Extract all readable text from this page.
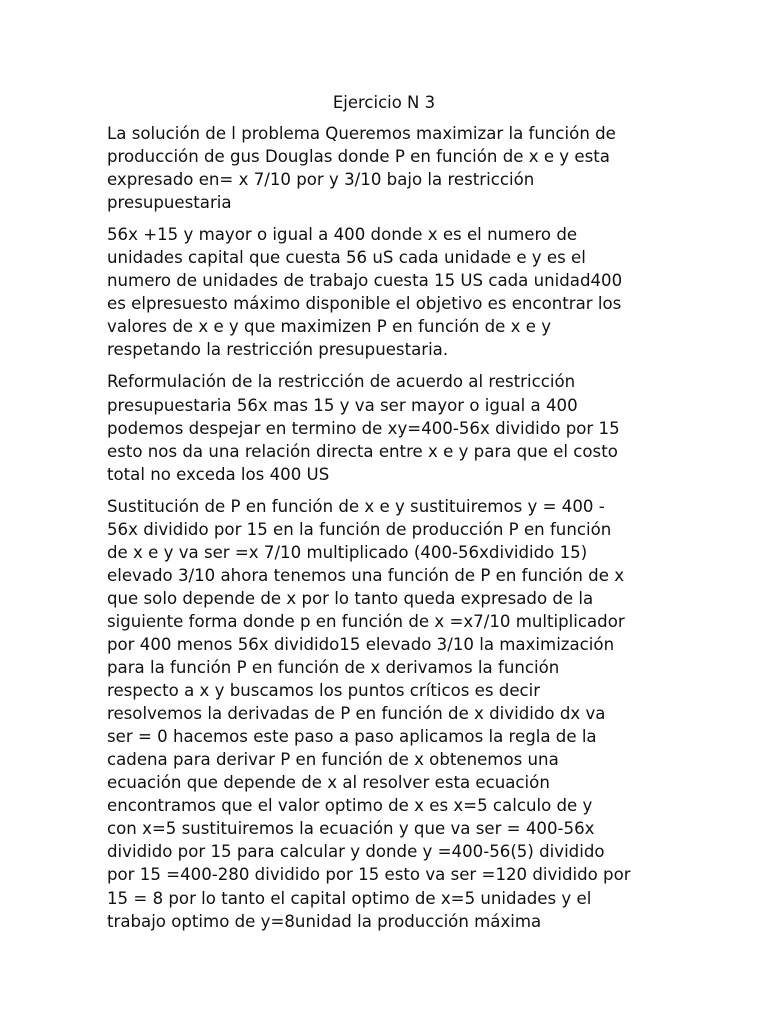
Ejercicio N 3

La solución de l problema Queremos maximizar la función de
producción de gus Douglas donde P en función de x e y esta
expresado en= x 7/10 por y 3/10 bajo la restricción
presupuestaria

56x +15 y mayor o igual a 400 donde x es el numero de
unidades capital que cuesta 56 uS cada unidade e y es el
numero de unidades de trabajo cuesta 15 US cada unidad400
es elpresuesto máximo disponible el objetivo es encontrar los
valores de x e y que maximizen P en función de x e y
respetando la restricción presupuestaria.

Reformulación de la restricción de acuerdo al restricción
presupuestaria 56x mas 15 y va ser mayor o igual a 400
podemos despejar en termino de xy=400-56x dividido por 15
esto nos da una relación directa entre x e y para que el costo
total no exceda los 400 US

Sustitución de P en función de x e y sustituiremos y = 400 -
56x dividido por 15 en la función de producción P en función
de x e y va ser =x 7/10 multiplicado (400-56xdividido 15)
elevado 3/10 ahora tenemos una función de P en función de x
que solo depende de x por lo tanto queda expresado de la
siguiente forma donde p en función de x =x7/10 multiplicador
por 400 menos 56x dividido15 elevado 3/10 la maximización
para la función P en función de x derivamos la función
respecto a x y buscamos los puntos críticos es decir
resolvemos la derivadas de P en función de x dividido dx va
ser = 0 hacemos este paso a paso aplicamos la regla de la
cadena para derivar P en función de x obtenemos una
ecuación que depende de x al resolver esta ecuación
encontramos que el valor optimo de x es x=5 calculo de y
con x=5 sustituiremos la ecuación y que va ser = 400-56x
dividido por 15 para calcular y donde y =400-56(5) dividido
por 15 =400-280 dividido por 15 esto va ser =120 dividido por
15 = 8 por lo tanto el capital optimo de x=5 unidades y el
trabajo optimo de y=8unidad la producción máxima
